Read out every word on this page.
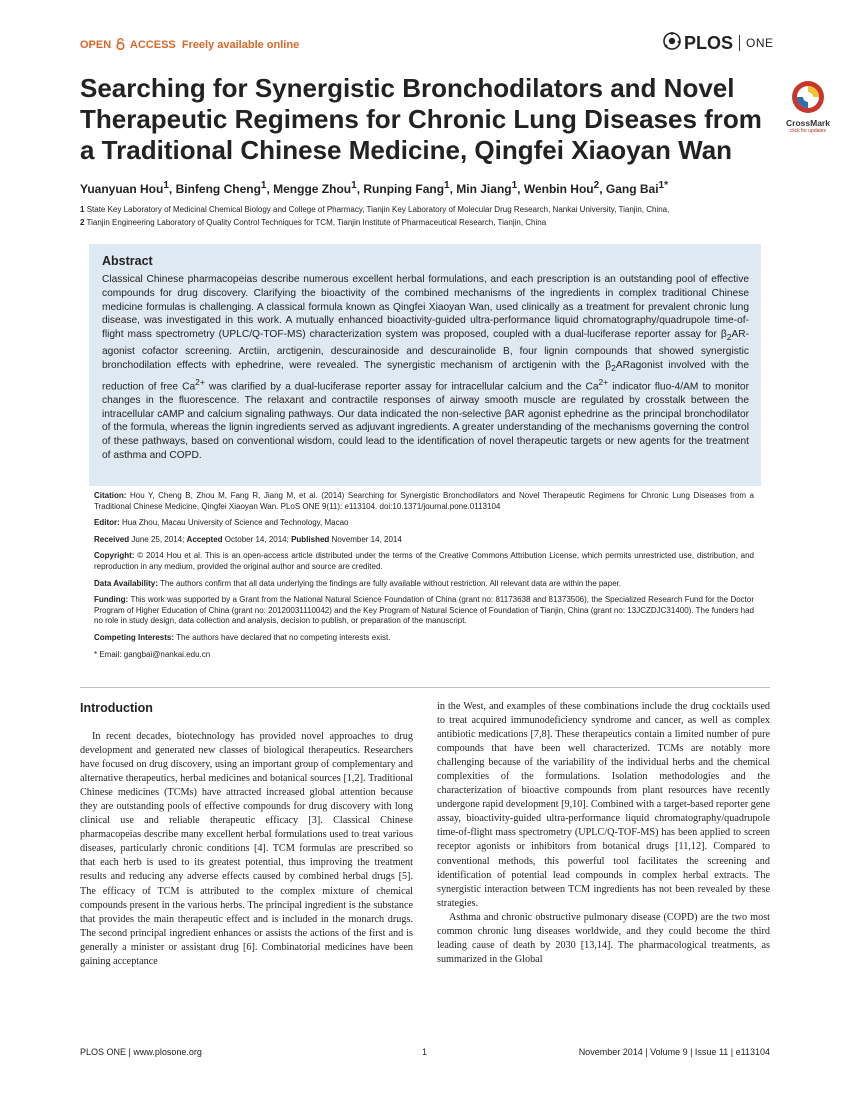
OPEN ACCESS Freely available online	PLOS ONE
Searching for Synergistic Bronchodilators and Novel Therapeutic Regimens for Chronic Lung Diseases from a Traditional Chinese Medicine, Qingfei Xiaoyan Wan
CrossMark
click for updates
Yuanyuan Hou$^1$, Binfeng Cheng$^1$, Mengge Zhou$^1$, Runping Fang$^1$, Min Jiang$^1$, Wenbin Hou$^2$, Gang Bai$^{1*}$
1 State Key Laboratory of Medicinal Chemical Biology and College of Pharmacy, Tianjin Key Laboratory of Molecular Drug Research, Nankai University, Tianjin, China,
2 Tianjin Engineering Laboratory of Quality Control Techniques for TCM, Tianjin Institute of Pharmaceutical Research, Tianjin, China
Abstract

Classical Chinese pharmacopeias describe numerous excellent herbal formulations, and each prescription is an outstanding pool of effective compounds for drug discovery. Clarifying the bioactivity of the combined mechanisms of the ingredients in complex traditional Chinese medicine formulas is challenging. A classical formula known as Qingfei Xiaoyan Wan, used clinically as a treatment for prevalent chronic lung disease, was investigated in this work. A mutually enhanced bioactivity-guided ultra-performance liquid chromatography/quadrupole time-of-flight mass spectrometry (UPLC/Q-TOF-MS) characterization system was proposed, coupled with a dual-luciferase reporter assay for $\beta_2AR$-agonist cofactor screening. Arctiin, arctigenin, descurainoside and descurainolide B, four lignin compounds that showed synergistic bronchodilation effects with ephedrine, were revealed. The synergistic mechanism of arctigenin with the $\beta_2ARagonist$ involved with the reduction of free $Ca^{2+}$ was clarified by a dual-luciferase reporter assay for intracellular calcium and the $Ca^{2+}$ indicator fluo-4/AM to monitor changes in the fluorescence. The relaxant and contractile responses of airway smooth muscle are regulated by crosstalk between the intracellular cAMP and calcium signaling pathways. Our data indicated the non-selective βAR agonist ephedrine as the principal bronchodilator of the formula, whereas the lignin ingredients served as adjuvant ingredients. A greater understanding of the mechanisms governing the control of these pathways, based on conventional wisdom, could lead to the identification of novel therapeutic targets or new agents for the treatment of asthma and COPD.

Citation: Hou Y, Cheng B, Zhou M, Fang R, Jiang M, et al. (2014) Searching for Synergistic Bronchodilators and Novel Therapeutic Regimens for Chronic Lung Diseases from a Traditional Chinese Medicine, Qingfei Xiaoyan Wan. PLoS ONE 9(11): e113104. doi:10.1371/journal.pone.0113104

Editor: Hua Zhou, Macau University of Science and Technology, Macao

Received June 25, 2014; Accepted October 14, 2014; Published November 14, 2014

Copyright: © 2014 Hou et al. This is an open-access article distributed under the terms of the Creative Commons Attribution License, which permits unrestricted use, distribution, and reproduction in any medium, provided the original author and source are credited.

Data Availability: The authors confirm that all data underlying the findings are fully available without restriction. All relevant data are within the paper.

Funding: This work was supported by a Grant from the National Natural Science Foundation of China (grant no: 81173638 and 81373506), the Specialized Research Fund for the Doctor Program of Higher Education of China (grant no: 20120031110042) and the Key Program of Natural Science of Foundation of Tianjin, China (grant no: 13JCZDJC31400). The funders had no role in study design, data collection and analysis, decision to publish, or preparation of the manuscript.

Competing Interests: The authors have declared that no competing interests exist.

* Email: gangbai@nankai.edu.cn

Introduction

In recent decades, biotechnology has provided novel approaches to drug development and generated new classes of biological therapeutics. Researchers have focused on drug discovery, using an important group of complementary and alternative therapeutics, herbal medicines and botanical sources [1,2]. Traditional Chinese medicines (TCMs) have attracted increased global attention because they are outstanding pools of effective compounds for drug discovery with long clinical use and reliable therapeutic efficacy [3]. Classical Chinese pharmacopeias describe many excellent herbal formulations used to treat various diseases, particularly chronic conditions [4]. TCM formulas are prescribed so that each herb is used to its greatest potential, thus improving the treatment results and reducing any adverse effects caused by combined herbal drugs [5]. The efficacy of TCM is attributed to the complex mixture of chemical compounds present in the various herbs. The principal ingredient is the substance that provides the main therapeutic effect and is included in the monarch drugs. The second principal ingredient enhances or assists the actions of the first and is generally a minister or assistant drug [6]. Combinatorial medicines have been gaining acceptance

in the West, and examples of these combinations include the drug cocktails used to treat acquired immunodeficiency syndrome and cancer, as well as complex antibiotic medications [7,8]. These therapeutics contain a limited number of pure compounds that have been well characterized. TCMs are notably more challenging because of the variability of the individual herbs and the chemical complexities of the formulations. Isolation methodologies and the characterization of bioactive compounds from plant resources have recently undergone rapid development [9,10]. Combined with a target-based reporter gene assay, bioactivity-guided ultra-performance liquid chromatography/quadrupole time-of-flight mass spectrometry (UPLC/Q-TOF-MS) has been applied to screen receptor agonists or inhibitors from botanical drugs [11,12]. Compared to conventional methods, this powerful tool facilitates the screening and identification of potential lead compounds in complex herbal extracts. The synergistic interaction between TCM ingredients has not been revealed by these strategies.

Asthma and chronic obstructive pulmonary disease (COPD) are the two most common chronic lung diseases worldwide, and they could become the third leading cause of death by 2030 [13,14]. The pharmacological treatments, as summarized in the Global

PLOS ONE | www.plosone.org	1	November 2014 | Volume 9 | Issue 11 | e113104
